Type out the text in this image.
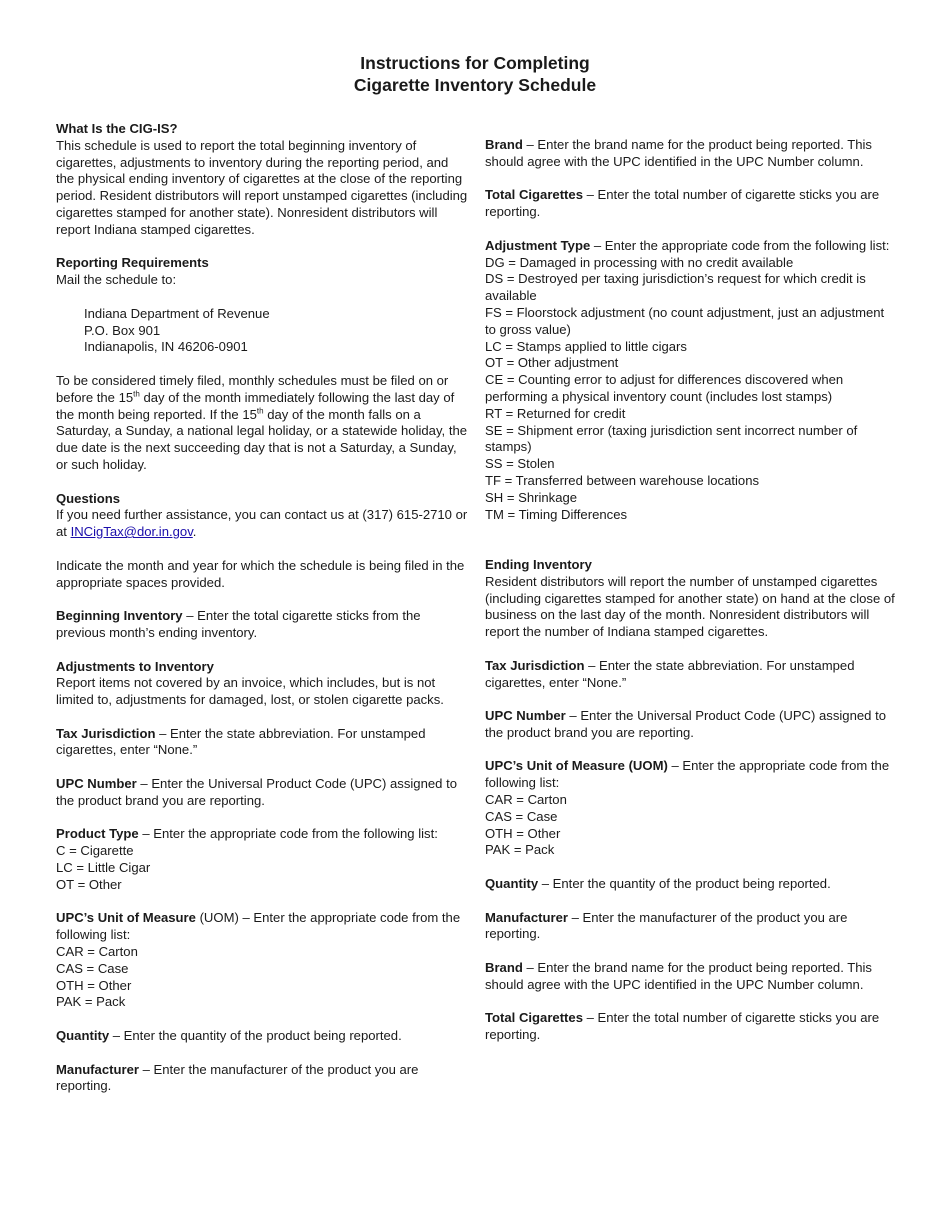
Instructions for Completing
Cigarette Inventory Schedule
What Is the CIG-IS?
This schedule is used to report the total beginning inventory of cigarettes, adjustments to inventory during the reporting period, and the physical ending inventory of cigarettes at the close of the reporting period. Resident distributors will report unstamped cigarettes (including cigarettes stamped for another state). Nonresident distributors will report Indiana stamped cigarettes.
Reporting Requirements
Mail the schedule to:
Indiana Department of Revenue
P.O. Box 901
Indianapolis, IN 46206-0901
To be considered timely filed, monthly schedules must be filed on or before the 15th day of the month immediately following the last day of the month being reported. If the 15th day of the month falls on a Saturday, a Sunday, a national legal holiday, or a statewide holiday, the due date is the next succeeding day that is not a Saturday, a Sunday, or such holiday.
Questions
If you need further assistance, you can contact us at (317) 615-2710 or at INCigTax@dor.in.gov.
Indicate the month and year for which the schedule is being filed in the appropriate spaces provided.
Beginning Inventory – Enter the total cigarette sticks from the previous month’s ending inventory.
Adjustments to Inventory
Report items not covered by an invoice, which includes, but is not limited to, adjustments for damaged, lost, or stolen cigarette packs.
Tax Jurisdiction – Enter the state abbreviation. For unstamped cigarettes, enter “None.”
UPC Number – Enter the Universal Product Code (UPC) assigned to the product brand you are reporting.
Product Type – Enter the appropriate code from the following list:
C = Cigarette
LC = Little Cigar
OT = Other
UPC’s Unit of Measure (UOM) – Enter the appropriate code from the following list:
CAR = Carton
CAS = Case
OTH = Other
PAK = Pack
Quantity – Enter the quantity of the product being reported.
Manufacturer – Enter the manufacturer of the product you are reporting.
Brand – Enter the brand name for the product being reported. This should agree with the UPC identified in the UPC Number column.
Total Cigarettes – Enter the total number of cigarette sticks you are reporting.
Adjustment Type – Enter the appropriate code from the following list:
DG = Damaged in processing with no credit available
DS = Destroyed per taxing jurisdiction’s request for which credit is available
FS = Floorstock adjustment (no count adjustment, just an adjustment to gross value)
LC = Stamps applied to little cigars
OT = Other adjustment
CE = Counting error to adjust for differences discovered when performing a physical inventory count (includes lost stamps)
RT = Returned for credit
SE = Shipment error (taxing jurisdiction sent incorrect number of stamps)
SS = Stolen
TF = Transferred between warehouse locations
SH = Shrinkage
TM = Timing Differences
Ending Inventory
Resident distributors will report the number of unstamped cigarettes (including cigarettes stamped for another state) on hand at the close of business on the last day of the month. Nonresident distributors will report the number of Indiana stamped cigarettes.
Tax Jurisdiction – Enter the state abbreviation. For unstamped cigarettes, enter “None.”
UPC Number – Enter the Universal Product Code (UPC) assigned to the product brand you are reporting.
UPC’s Unit of Measure (UOM) – Enter the appropriate code from the following list:
CAR = Carton
CAS = Case
OTH = Other
PAK = Pack
Quantity – Enter the quantity of the product being reported.
Manufacturer – Enter the manufacturer of the product you are reporting.
Brand – Enter the brand name for the product being reported. This should agree with the UPC identified in the UPC Number column.
Total Cigarettes – Enter the total number of cigarette sticks you are reporting.
